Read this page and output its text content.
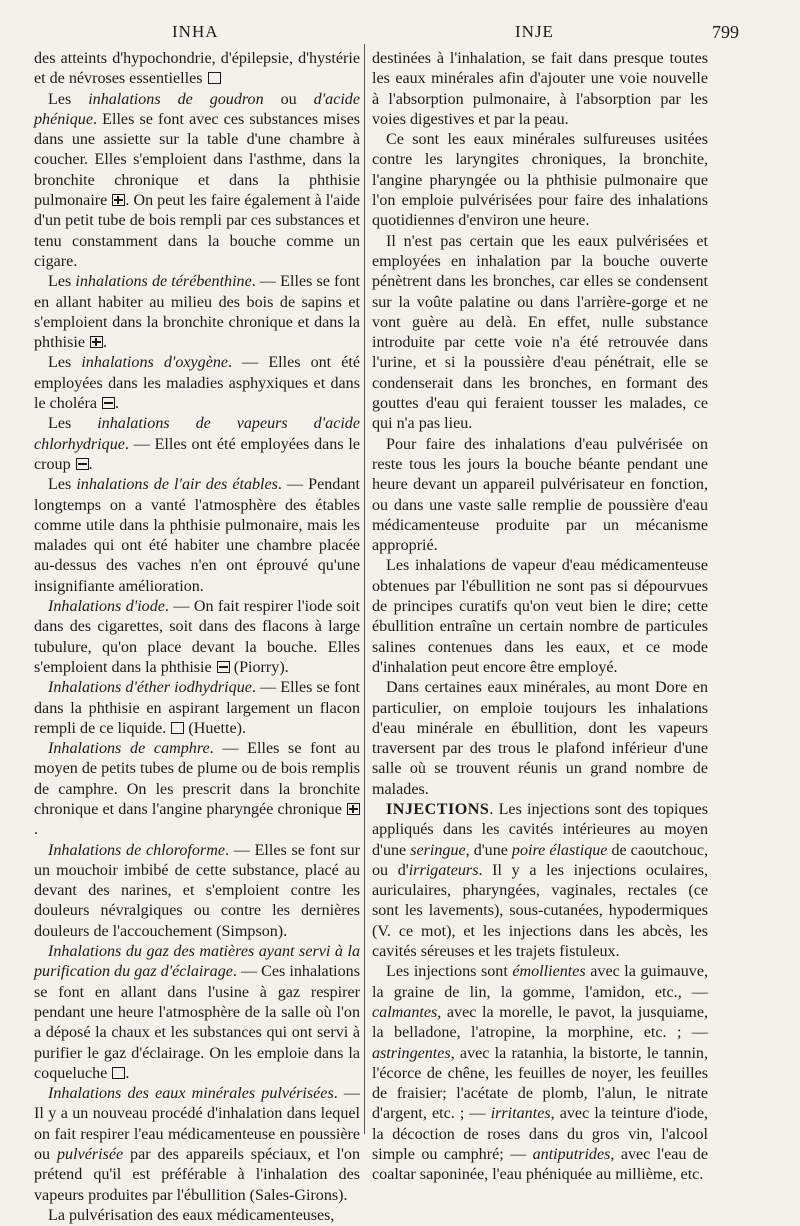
INHA	INJE	799

des atteints d'hypochondrie, d'épilepsie, d'hystérie et de névroses essentielles

Les inhalations de goudron ou d'acide phénique. Elles se font avec ces substances mises dans une assiette sur la table d'une chambre à coucher. Elles s'emploient dans l'asthme, dans la bronchite chronique et dans la phthisie pulmonaire . On peut les faire également à l'aide d'un petit tube de bois rempli par ces substances et tenu constamment dans la bouche comme un cigare.

Les inhalations de térébenthine. — Elles se font en allant habiter au milieu des bois de sapins et s'emploient dans la bronchite chronique et dans la phthisie .

Les inhalations d'oxygène. — Elles ont été employées dans les maladies asphyxiques et dans le choléra .

Les inhalations de vapeurs d'acide chlorhydrique. — Elles ont été employées dans le croup .

Les inhalations de l'air des étables. — Pendant longtemps on a vanté l'atmosphère des étables comme utile dans la phthisie pulmonaire, mais les malades qui ont été habiter une chambre placée au-dessus des vaches n'en ont éprouvé qu'une insignifiante amélioration.

Inhalations d'iode. — On fait respirer l'iode soit dans des cigarettes, soit dans des flacons à large tubulure, qu'on place devant la bouche. Elles s'emploient dans la phthisie  (Piorry).

Inhalations d'éther iodhydrique. — Elles se font dans la phthisie en aspirant largement un flacon rempli de ce liquide.  (Huette).

Inhalations de camphre. — Elles se font au moyen de petits tubes de plume ou de bois remplis de camphre. On les prescrit dans la bronchite chronique et dans l'angine pharyngée chronique .

Inhalations de chloroforme. — Elles se font sur un mouchoir imbibé de cette substance, placé au devant des narines, et s'emploient contre les douleurs névralgiques ou contre les dernières douleurs de l'accouchement (Simpson).

Inhalations du gaz des matières ayant servi à la purification du gaz d'éclairage. — Ces inhalations se font en allant dans l'usine à gaz respirer pendant une heure l'atmosphère de la salle où l'on a déposé la chaux et les substances qui ont servi à purifier le gaz d'éclairage. On les emploie dans la coqueluche .

Inhalations des eaux minérales pulvérisées. — Il y a un nouveau procédé d'inhalation dans lequel on fait respirer l'eau médicamenteuse en poussière ou pulvérisée par des appareils spéciaux, et l'on prétend qu'il est préférable à l'inhalation des vapeurs produites par l'ébullition (Sales-Girons).

La pulvérisation des eaux médicamenteuses,

destinées à l'inhalation, se fait dans presque toutes les eaux minérales afin d'ajouter une voie nouvelle à l'absorption pulmonaire, à l'absorption par les voies digestives et par la peau.

Ce sont les eaux minérales sulfureuses usitées contre les laryngites chroniques, la bronchite, l'angine pharyngée ou la phthisie pulmonaire que l'on emploie pulvérisées pour faire des inhalations quotidiennes d'environ une heure.

Il n'est pas certain que les eaux pulvérisées et employées en inhalation par la bouche ouverte pénètrent dans les bronches, car elles se condensent sur la voûte palatine ou dans l'arrière-gorge et ne vont guère au delà. En effet, nulle substance introduite par cette voie n'a été retrouvée dans l'urine, et si la poussière d'eau pénétrait, elle se condenserait dans les bronches, en formant des gouttes d'eau qui feraient tousser les malades, ce qui n'a pas lieu.

Pour faire des inhalations d'eau pulvérisée on reste tous les jours la bouche béante pendant une heure devant un appareil pulvérisateur en fonction, ou dans une vaste salle remplie de poussière d'eau médicamenteuse produite par un mécanisme approprié.

Les inhalations de vapeur d'eau médicamenteuse obtenues par l'ébullition ne sont pas si dépourvues de principes curatifs qu'on veut bien le dire; cette ébullition entraîne un certain nombre de particules salines contenues dans les eaux, et ce mode d'inhalation peut encore être employé.

Dans certaines eaux minérales, au mont Dore en particulier, on emploie toujours les inhalations d'eau minérale en ébullition, dont les vapeurs traversent par des trous le plafond inférieur d'une salle où se trouvent réunis un grand nombre de malades.

INJECTIONS. Les injections sont des topiques appliqués dans les cavités intérieures au moyen d'une seringue, d'une poire élastique de caoutchouc, ou d'irrigateurs. Il y a les injections oculaires, auriculaires, pharyngées, vaginales, rectales (ce sont les lavements), sous-cutanées, hypodermiques (V. ce mot), et les injections dans les abcès, les cavités séreuses et les trajets fistuleux.

Les injections sont émollientes avec la guimauve, la graine de lin, la gomme, l'amidon, etc., — calmantes, avec la morelle, le pavot, la jusquiame, la belladone, l'atropine, la morphine, etc. ; — astringentes, avec la ratanhia, la bistorte, le tannin, l'écorce de chêne, les feuilles de noyer, les feuilles de fraisier; l'acétate de plomb, l'alun, le nitrate d'argent, etc. ; — irritantes, avec la teinture d'iode, la décoction de roses dans du gros vin, l'alcool simple ou camphré; — antiputrides, avec l'eau de coaltar saponinée, l'eau phéniquée au millième, etc.
